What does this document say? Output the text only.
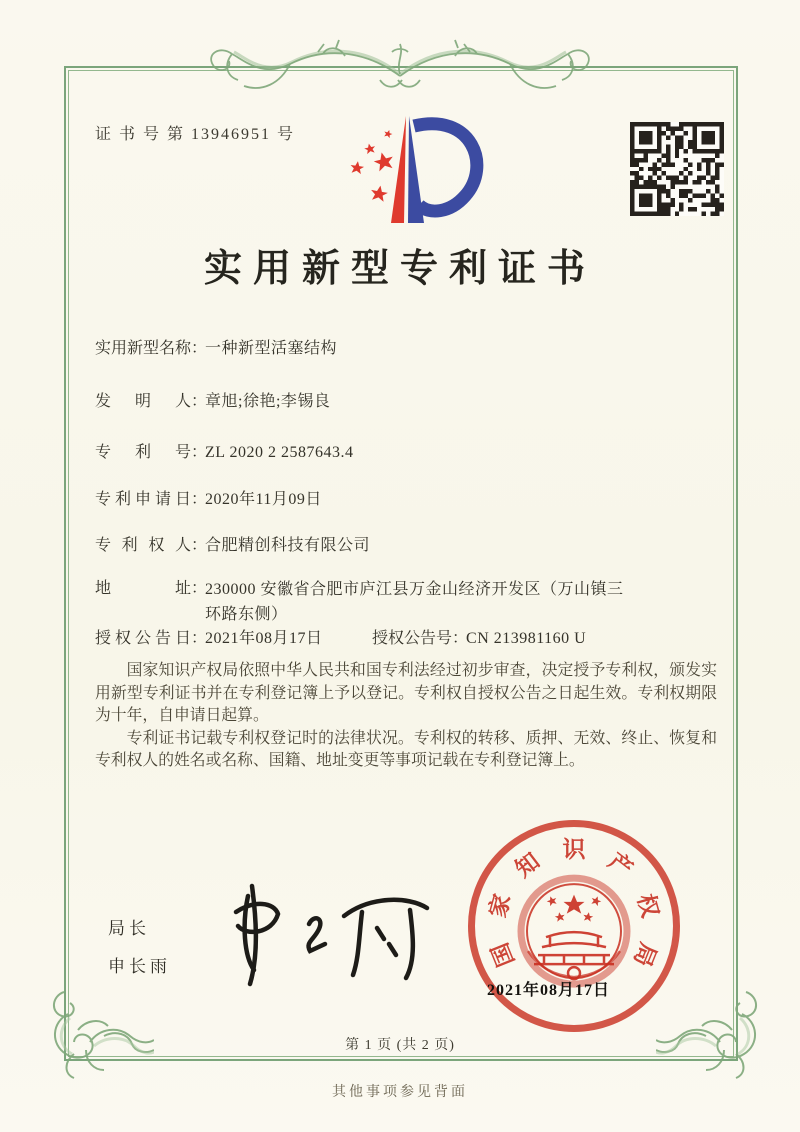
证 书 号 第 13946951 号
实用新型专利证书
实用新型名称 ：
一种新型活塞结构
发明人 ：
章旭;徐艳;李锡良
专利号 ：
ZL 2020 2 2587643.4
专利申请日 ：
2020年11月09日
专利权人 ：
合肥精创科技有限公司
地址 ：
230000 安徽省合肥市庐江县万金山经济开发区（万山镇三环路东侧）
授权公告日 ：
2021年08月17日	授权公告号 ：
CN 213981160 U

国家知识产权局依照中华人民共和国专利法经过初步审查，决定授予专利权，颁发实用新型专利证书并在专利登记簿上予以登记。专利权自授权公告之日起生效。专利权期限为十年，自申请日起算。

专利证书记载专利权登记时的法律状况。专利权的转移、质押、无效、终止、恢复和专利权人的姓名或名称、国籍、地址变更等事项记载在专利登记簿上。

局长
申长雨	国
家
知 识 产
权
局
2021年08月17日
第 1 页 (共 2 页)
其他事项参见背面
